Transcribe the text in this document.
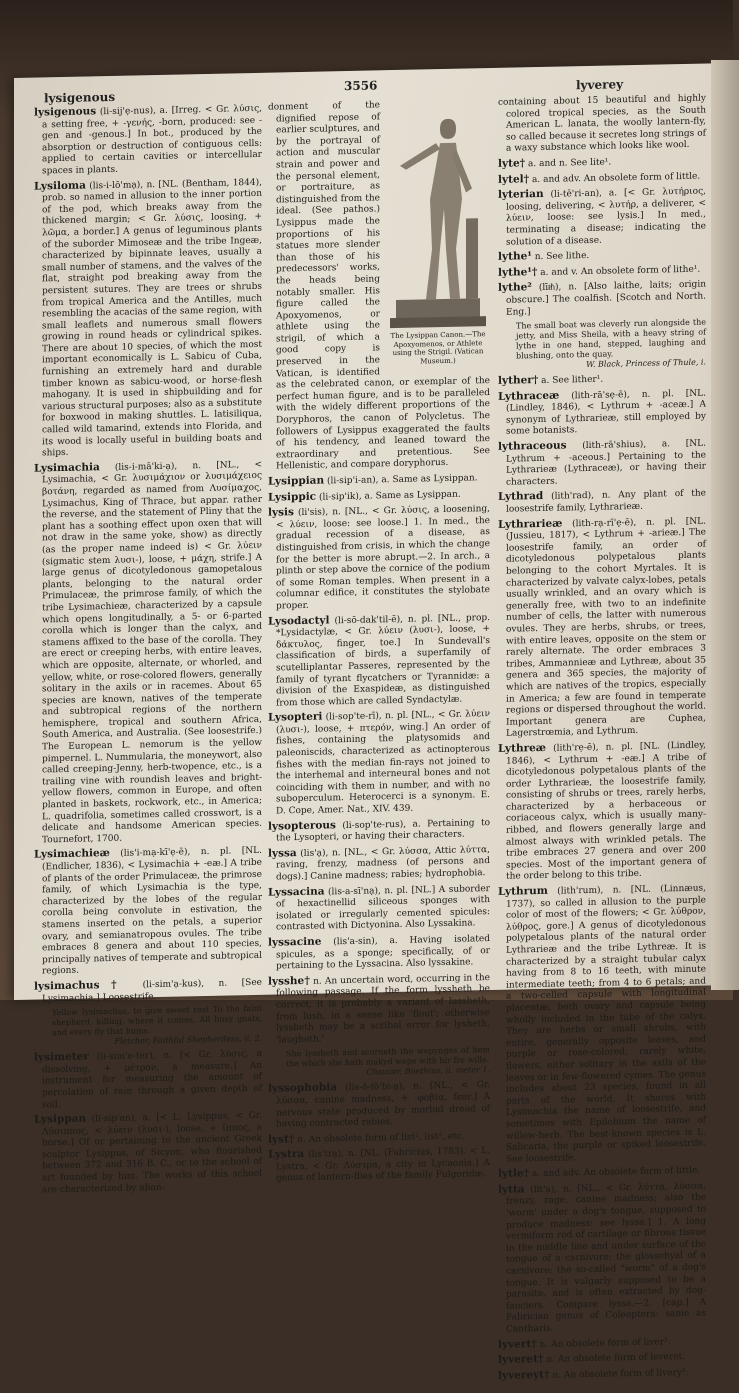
lysigenous
3556	lyverey
lysigenous (li-sij'ẹ-nus), a. [Irreg. < Gr. λύσις, a setting free, + -γενής, -born, produced: see -gen and -genous.] In bot., produced by the absorption or destruction of contiguous cells: applied to certain cavities or intercellular spaces in plants.
Lysiloma (lis-i-lō'mạ), n. [NL. (Bentham, 1844), prob. so named in allusion to the inner portion of the pod, which breaks away from the thickened margin; < Gr. λύσις, loosing, + λῶμα, a border.] A genus of leguminous plants of the suborder Mimoseæ and the tribe Ingeæ, characterized by bipinnate leaves, usually a small number of stamens, and the valves of the flat, straight pod breaking away from the persistent sutures. They are trees or shrubs from tropical America and the Antilles, much resembling the acacias of the same region, with small leaflets and numerous small flowers growing in round heads or cylindrical spikes. There are about 10 species, of which the most important economically is L. Sabicu of Cuba, furnishing an extremely hard and durable timber known as sabicu-wood, or horse-flesh mahogany. It is used in shipbuilding and for various structural purposes; also as a substitute for boxwood in making shuttles. L. latisiliqua, called wild tamarind, extends into Florida, and its wood is locally useful in building boats and ships.
Lysimachia (lis-i-mā'ki-ạ), n. [NL., < Lysimachia, < Gr. λυσιμάχιον or λυσιμάχειος βοτάνη, regarded as named from Λυσίμαχος, Lysimachus, King of Thrace, but appar. rather the reverse, and the statement of Pliny that the plant has a soothing effect upon oxen that will not draw in the same yoke, show) as directly (as the proper name indeed is) < Gr. λύειν (sigmatic stem λυσι-), loose, + μάχη, strife.] A large genus of dicotyledonous gamopetalous plants, belonging to the natural order Primulaceæ, the primrose family, of which the tribe Lysimachieæ, characterized by a capsule which opens longitudinally, a 5- or 6-parted corolla which is longer than the calyx, and stamens affixed to the base of the corolla. They are erect or creeping herbs, with entire leaves, which are opposite, alternate, or whorled, and yellow, white, or rose-colored flowers, generally solitary in the axils or in racemes. About 65 species are known, natives of the temperate and subtropical regions of the northern hemisphere, tropical and southern Africa, South America, and Australia. (See loosestrife.) The European L. nemorum is the yellow pimpernel. L. Nummularia, the moneywort, also called creeping-Jenny, herb-twopence, etc., is a trailing vine with roundish leaves and bright-yellow flowers, common in Europe, and often planted in baskets, rockwork, etc., in America; L. quadrifolia, sometimes called crosswort, is a delicate and handsome American species. Tournefort, 1700.
Lysimachieæ (lis'i-mạ-kī'ẹ-ē), n. pl. [NL. (Endlicher, 1836), < Lysimachia + -eæ.] A tribe of plants of the order Primulaceæ, the primrose family, of which Lysimachia is the type, characterized by the lobes of the regular corolla being convolute in estivation, the stamens inserted on the petals, a superior ovary, and semianatropous ovules. The tribe embraces 8 genera and about 110 species, principally natives of temperate and subtropical regions.
lysimachus† (li-sim'ạ-kus), n. [See Lysimachia.] Loosestrife.
Yellow lysimachus, to give sweet rest To the faint shepherd, killing, where it comes, All busy gnats, and every fly that hums.
Fletcher, Faithful Shepherdess, ii. 2.
lysimeter (li-sim'e-tėr), n. [< Gr. λύσις, a dissolving, + μέτρον, a measure.] An instrument for measuring the amount of percolation of rain through a given depth of soil.
Lysippan (li-sip'an), a. [< L. Lysippus, < Gr. Λύσιππος, < λύειν (λυσι-), loose, + ἵππος, a horse.] Of or pertaining to the ancient Greek sculptor Lysippus, of Sicyon, who flourished between 372 and 316 B. C., or to the school of art founded by him. The works of this school are characterized by aban-
The Lysippan Canon.—The Apoxyomenos, or Athlete using the Strigil. (Vatican Museum.)
donment of the dignified repose of earlier sculptures, and by the portrayal of action and muscular strain and power and the personal element, or portraiture, as distinguished from the ideal. (See pathos.) Lysippus made the proportions of his statues more slender than those of his predecessors' works, the heads being notably smaller. His figure called the Apoxyomenos, or athlete using the strigil, of which a good copy is preserved in the Vatican, is identified as the celebrated canon, or exemplar of the perfect human figure, and is to be paralleled with the widely different proportions of the Doryphoros, the canon of Polycletus. The followers of Lysippus exaggerated the faults of his tendency, and leaned toward the extraordinary and pretentious. See Hellenistic, and compare doryphorus.
Lysippian (li-sip'i-an), a. Same as Lysippan.
Lysippic (li-sip'ik), a. Same as Lysippan.
lysis (li'sis), n. [NL., < Gr. λύσις, a loosening, < λύειν, loose: see loose.] 1. In med., the gradual recession of a disease, as distinguished from crisis, in which the change for the better is more abrupt.—2. In arch., a plinth or step above the cornice of the podium of some Roman temples. When present in a columnar edifice, it constitutes the stylobate proper.
Lysodactyl (li-sō-dak'til-ē), n. pl. [NL., prop. *Lysidactylæ, < Gr. λύειν (λυσι-), loose, + δάκτυλος, finger, toe.] In Sundevall's classification of birds, a superfamily of scutelliplantar Passeres, represented by the family of tyrant flycatchers or Tyrannidæ: a division of the Exaspideæ, as distinguished from those which are called Syndactylæ.
Lysopteri (li-sop'te-rī), n. pl. [NL., < Gr. λύειν (λυσι-), loose, + πτερόν, wing.] An order of fishes, containing the platysomids and paleoniscids, characterized as actinopterous fishes with the median fin-rays not joined to the interhemal and interneural bones and not coinciding with them in number, and with no suboperculum. Heterocerci is a synonym. E. D. Cope, Amer. Nat., XIV. 439.
lysopterous (li-sop'te-rus), a. Pertaining to the Lysopteri, or having their characters.
lyssa (lis'ạ), n. [NL., < Gr. λύσσα, Attic λύττα, raving, frenzy, madness (of persons and dogs).] Canine madness; rabies; hydrophobia.
Lyssacina (lis-a-sī'nạ), n. pl. [NL.] A suborder of hexactinellid siliceous sponges with isolated or irregularly cemented spicules: contrasted with Dictyonina. Also Lyssakina.
lyssacine (lis'a-sin), a. Having isolated spicules, as a sponge; specifically, of or pertaining to the Lyssacina. Also lyssakine.
lysshe† n. An uncertain word, occurring in the following passage. If the form lyssheth be correct, it is probably a variant of lussheth, from lush, in a sense like 'flout'; otherwise lyssheth may be a scribal error for lysheth, 'laugheth.'
She lyssheth and scorneth the wepynges of hem the which she hath makyd wepe with hir fre wille.
Chaucer, Boethius, ii. meter 1.
lyssophobia (lis-ō-fō'bi-ạ), n. [NL., < Gr. λύσσα, canine madness, + -φοβία, fear.] A nervous state produced by morbid dread of having contracted rabies.
lyst† n. An obsolete form of list¹, list², etc.
Lystra (lis'trạ), n. [NL. (Fabricius, 1783), < L. Lystra, < Gr. Λύστρα, a city in Lycaonia.] A genus of lantern-flies of the family Fulgoridæ.
containing about 15 beautiful and highly colored tropical species, as the South American L. lanata, the woolly lantern-fly, so called because it secretes long strings of a waxy substance which looks like wool.
lyte† a. and n. See lite¹.
lytel† a. and adv. An obsolete form of little.
lyterian (li-tē'ri-an), a. [< Gr. λυτήριος, loosing, delivering, < λυτήρ, a deliverer, < λύειν, loose: see lysis.] In med., terminating a disease; indicating the solution of a disease.
lythe¹ n. See lithe.
lythe¹† a. and v. An obsolete form of lithe¹.
lythe² (līᵺ), n. [Also laithe, laits; origin obscure.] The coalfish. [Scotch and North. Eng.]
The small boat was cleverly run alongside the jetty, and Miss Sheila, with a heavy string of lythe in one hand, stepped, laughing and blushing, onto the quay.
W. Black, Princess of Thule, i.
lyther† a. See lither¹.
Lythraceæ (lith-rā'sẹ-ē), n. pl. [NL. (Lindley, 1846), < Lythrum + -aceæ.] A synonym of Lythrarieæ, still employed by some botanists.
lythraceous (lith-rā'shius), a. [NL. Lythrum + -aceous.] Pertaining to the Lythrarieæ (Lythraceæ), or having their characters.
Lythrad (lith'rad), n. Any plant of the loosestrife family, Lythrarieæ.
Lythrarieæ (lith-rạ-rī'ẹ-ē), n. pl. [NL. (Jussieu, 1817), < Lythrum + -arieæ.] The loosestrife family, an order of dicotyledonous polypetalous plants belonging to the cohort Myrtales. It is characterized by valvate calyx-lobes, petals usually wrinkled, and an ovary which is generally free, with two to an indefinite number of cells, the latter with numerous ovules. They are herbs, shrubs, or trees, with entire leaves, opposite on the stem or rarely alternate. The order embraces 3 tribes, Ammannieæ and Lythreæ, about 35 genera and 365 species, the majority of which are natives of the tropics, especially in America; a few are found in temperate regions or dispersed throughout the world. Important genera are Cuphea, Lagerstrœmia, and Lythrum.
Lythreæ (lith'rẹ-ē), n. pl. [NL. (Lindley, 1846), < Lythrum + -eæ.] A tribe of dicotyledonous polypetalous plants of the order Lythrarieæ, the loosestrife family, consisting of shrubs or trees, rarely herbs, characterized by a herbaceous or coriaceous calyx, which is usually many-ribbed, and flowers generally large and almost always with wrinkled petals. The tribe embraces 27 genera and over 200 species. Most of the important genera of the order belong to this tribe.
Lythrum (lith'rum), n. [NL. (Linnæus, 1737), so called in allusion to the purple color of most of the flowers; < Gr. λύθρον, λύθρος, gore.] A genus of dicotyledonous polypetalous plants of the natural order Lythrarieæ and the tribe Lythreæ. It is characterized by a straight tubular calyx having from 8 to 16 teeth, with minute intermediate teeth; from 4 to 6 petals; and a two-celled capsule with longitudinal placentæ, both ovary and capsule being wholly included in the tube of the calyx. They are herbs or small shrubs, with entire, generally opposite leaves, and purple or rose-colored, rarely white, flowers, either solitary in the axils of the leaves or in few-flowered cymes. The genus includes about 23 species, found in all parts of the world. It shares with Lysimachia the name of loosestrife, and sometimes with Epilobium the name of willow-herb. The best-known species is L. Salicaria, the purple or spiked loosestrife. See loosestrife.
lytle† a. and adv. An obsolete form of little.
lytta (lit'ạ), n. [NL., < Gr. λύττα, λύσσα, frenzy, rage, canine madness; also the 'worm' under a dog's tongue, supposed to produce madness: see lyssa.] 1. A long vermiform rod of cartilage or fibrous tissue in the middle line and under surface of the tongue of a carnivore; the glossohyal of a carnivore; the so-called "worm" of a dog's tongue. It is vulgarly supposed to be a parasite, and is often extracted by dog-fanciers. Compare lyssa.—2. [cap.] A Fabrician genus of Coleoptera: same as Cantharis.
lyvert† n. An obsolete form of liver².
lyveret† n. An obsolete form of leveret.
lyvereyt† n. An obsolete form of livery³.
